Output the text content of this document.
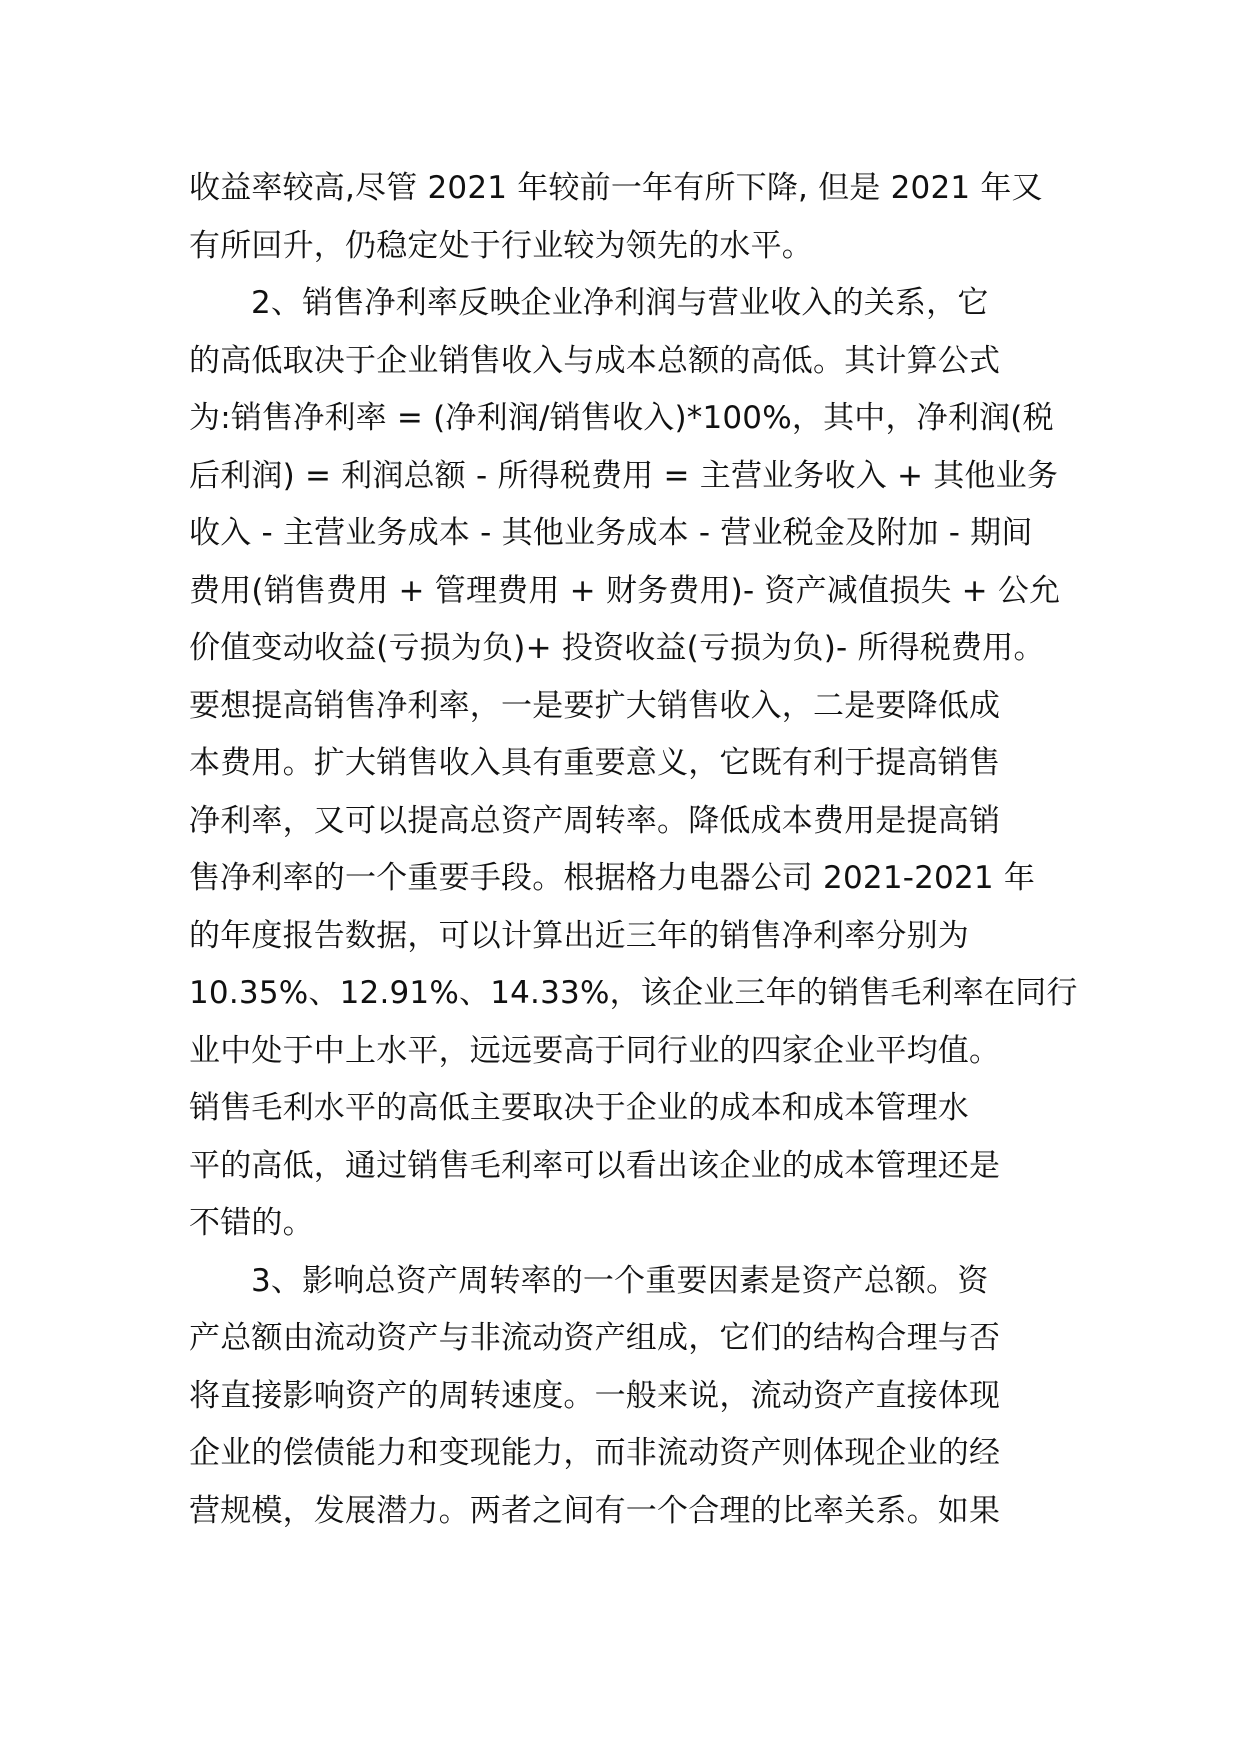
收益率较高,尽管 2021 年较前一年有所下降, 但是 2021 年又
有所回升，仍稳定处于行业较为领先的水平。
2、销售净利率反映企业净利润与营业收入的关系，它
的高低取决于企业销售收入与成本总额的高低。其计算公式
为:销售净利率 = (净利润/销售收入)*100%，其中，净利润(税
后利润) = 利润总额 - 所得税费用 = 主营业务收入 + 其他业务
收入 - 主营业务成本 - 其他业务成本 - 营业税金及附加 - 期间
费用(销售费用 + 管理费用 + 财务费用)- 资产减值损失 + 公允
价值变动收益(亏损为负)+ 投资收益(亏损为负)- 所得税费用。
要想提高销售净利率，一是要扩大销售收入，二是要降低成
本费用。扩大销售收入具有重要意义，它既有利于提高销售
净利率，又可以提高总资产周转率。降低成本费用是提高销
售净利率的一个重要手段。根据格力电器公司 2021-2021 年
的年度报告数据，可以计算出近三年的销售净利率分别为
10.35%、12.91%、14.33%，该企业三年的销售毛利率在同行
业中处于中上水平，远远要高于同行业的四家企业平均值。
销售毛利水平的高低主要取决于企业的成本和成本管理水
平的高低，通过销售毛利率可以看出该企业的成本管理还是
不错的。
3、影响总资产周转率的一个重要因素是资产总额。资
产总额由流动资产与非流动资产组成，它们的结构合理与否
将直接影响资产的周转速度。一般来说，流动资产直接体现
企业的偿债能力和变现能力，而非流动资产则体现企业的经
营规模，发展潜力。两者之间有一个合理的比率关系。如果
